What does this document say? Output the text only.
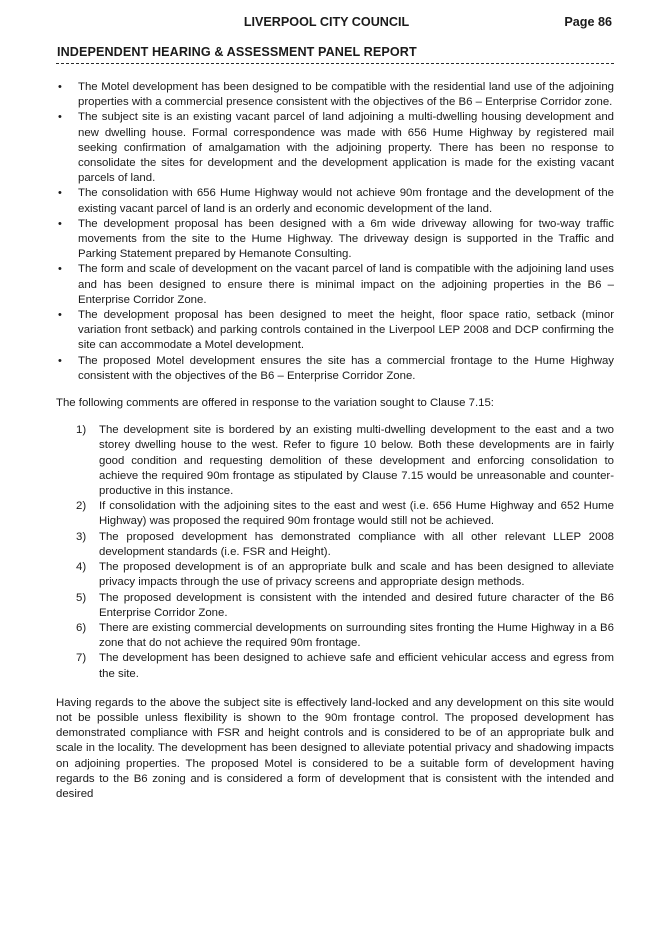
LIVERPOOL CITY COUNCIL	Page 86
INDEPENDENT HEARING & ASSESSMENT PANEL REPORT
• The Motel development has been designed to be compatible with the residential land use of the adjoining properties with a commercial presence consistent with the objectives of the B6 – Enterprise Corridor zone.
• The subject site is an existing vacant parcel of land adjoining a multi-dwelling housing development and new dwelling house. Formal correspondence was made with 656 Hume Highway by registered mail seeking confirmation of amalgamation with the adjoining property. There has been no response to consolidate the sites for development and the development application is made for the existing vacant parcels of land.
• The consolidation with 656 Hume Highway would not achieve 90m frontage and the development of the existing vacant parcel of land is an orderly and economic development of the land.
• The development proposal has been designed with a 6m wide driveway allowing for two-way traffic movements from the site to the Hume Highway. The driveway design is supported in the Traffic and Parking Statement prepared by Hemanote Consulting.
• The form and scale of development on the vacant parcel of land is compatible with the adjoining land uses and has been designed to ensure there is minimal impact on the adjoining properties in the B6 – Enterprise Corridor Zone.
• The development proposal has been designed to meet the height, floor space ratio, setback (minor variation front setback) and parking controls contained in the Liverpool LEP 2008 and DCP confirming the site can accommodate a Motel development.
• The proposed Motel development ensures the site has a commercial frontage to the Hume Highway consistent with the objectives of the B6 – Enterprise Corridor Zone.

The following comments are offered in response to the variation sought to Clause 7.15:

1) The development site is bordered by an existing multi-dwelling development to the east and a two storey dwelling house to the west. Refer to figure 10 below. Both these developments are in fairly good condition and requesting demolition of these development and enforcing consolidation to achieve the required 90m frontage as stipulated by Clause 7.15 would be unreasonable and counter-productive in this instance.
2) If consolidation with the adjoining sites to the east and west (i.e. 656 Hume Highway and 652 Hume Highway) was proposed the required 90m frontage would still not be achieved.
3) The proposed development has demonstrated compliance with all other relevant LLEP 2008 development standards (i.e. FSR and Height).
4) The proposed development is of an appropriate bulk and scale and has been designed to alleviate privacy impacts through the use of privacy screens and appropriate design methods.
5) The proposed development is consistent with the intended and desired future character of the B6 Enterprise Corridor Zone.
6) There are existing commercial developments on surrounding sites fronting the Hume Highway in a B6 zone that do not achieve the required 90m frontage.
7) The development has been designed to achieve safe and efficient vehicular access and egress from the site.

Having regards to the above the subject site is effectively land-locked and any development on this site would not be possible unless flexibility is shown to the 90m frontage control. The proposed development has demonstrated compliance with FSR and height controls and is considered to be of an appropriate bulk and scale in the locality. The development has been designed to alleviate potential privacy and shadowing impacts on adjoining properties. The proposed Motel is considered to be a suitable form of development having regards to the B6 zoning and is considered a form of development that is consistent with the intended and desired
